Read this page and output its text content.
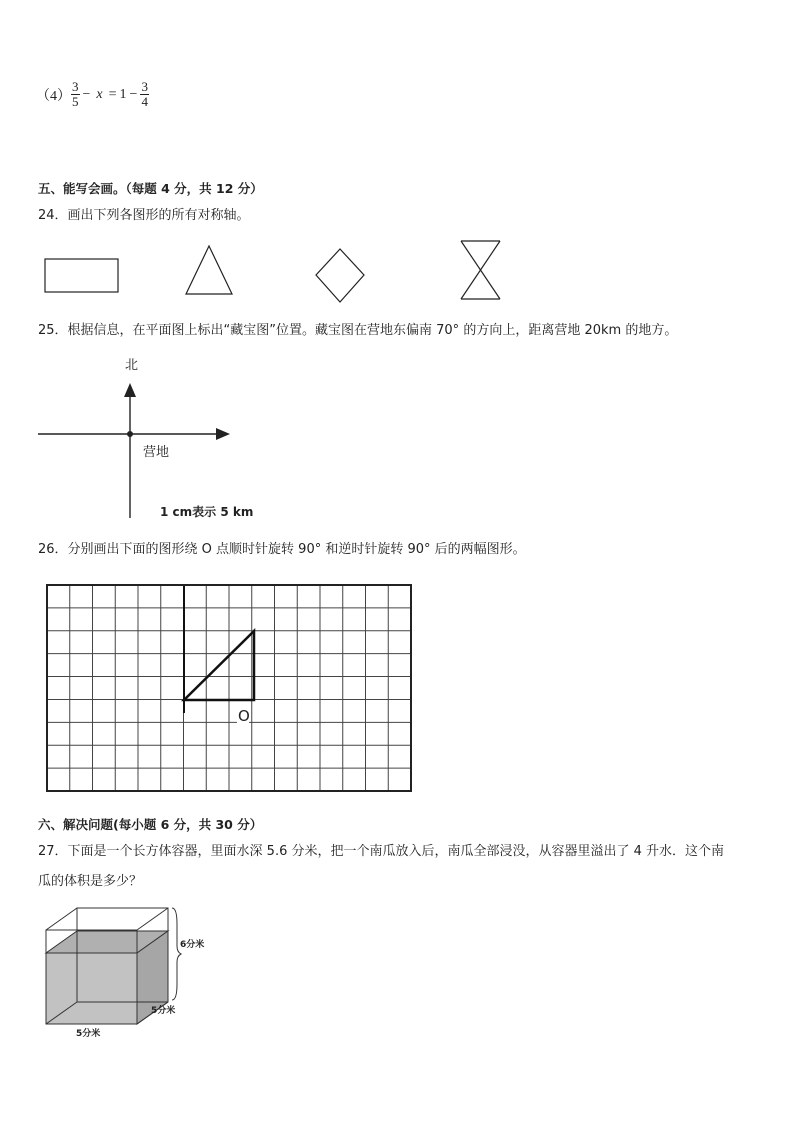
$(4) \frac{3}{5} - x = 1 - \frac{3}{4}$
五、能写会画。（每题 4 分，共 12 分）
24．画出下列各图形的所有对称轴。
25．根据信息，在平面图上标出“藏宝图”位置。藏宝图在营地东偏南 70° 的方向上，距离营地 20km 的地方。
北
营地
1 cm表示 5 km
26．分别画出下面的图形绕 O 点顺时针旋转 90° 和逆时针旋转 90° 后的两幅图形。
O
六、解决问题(每小题 6 分，共 30 分）
27．下面是一个长方体容器，里面水深 5.6 分米，把一个南瓜放入后，南瓜全部浸没，从容器里溢出了 4 升水．这个南
瓜的体积是多少？
6分米
5分米
5分米
